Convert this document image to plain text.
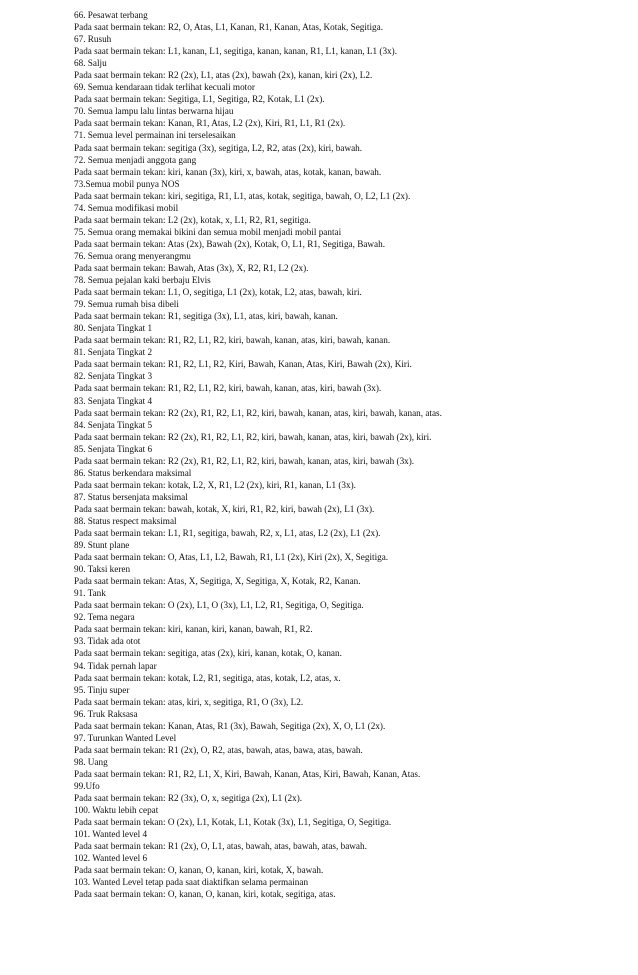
66. Pesawat terbang
Pada saat bermain tekan: R2, O, Atas, L1, Kanan, R1, Kanan, Atas, Kotak, Segitiga.
67. Rusuh
Pada saat bermain tekan: L1, kanan, L1, segitiga, kanan, kanan, R1, L1, kanan, L1 (3x).
68. Salju
Pada saat bermain tekan: R2 (2x), L1, atas (2x), bawah (2x), kanan, kiri (2x), L2.
69. Semua kendaraan tidak terlihat kecuali motor
Pada saat bermain tekan: Segitiga, L1, Segitiga, R2, Kotak, L1 (2x).
70. Semua lampu lalu lintas berwarna hijau
Pada saat bermain tekan: Kanan, R1, Atas, L2 (2x), Kiri, R1, L1, R1 (2x).
71. Semua level permainan ini terselesaikan
Pada saat bermain tekan: segitiga (3x), segitiga, L2, R2, atas (2x), kiri, bawah.
72. Semua menjadi anggota gang
Pada saat bermain tekan: kiri, kanan (3x), kiri, x, bawah, atas, kotak, kanan, bawah.
73.Semua mobil punya NOS
Pada saat bermain tekan: kiri, segitiga, R1, L1, atas, kotak, segitiga, bawah, O, L2, L1 (2x).
74. Semua modifikasi mobil
Pada saat bermain tekan: L2 (2x), kotak, x, L1, R2, R1, segitiga.
75. Semua orang memakai bikini dan semua mobil menjadi mobil pantai
Pada saat bermain tekan: Atas (2x), Bawah (2x), Kotak, O, L1, R1, Segitiga, Bawah.
76. Semua orang menyerangmu
Pada saat bermain tekan: Bawah, Atas (3x), X, R2, R1, L2 (2x).
78. Semua pejalan kaki berbaju Elvis
Pada saat bermain tekan: L1, O, segitiga, L1 (2x), kotak, L2, atas, bawah, kiri.
79. Semua rumah bisa dibeli
Pada saat bermain tekan: R1, segitiga (3x), L1, atas, kiri, bawah, kanan.
80. Senjata Tingkat 1
Pada saat bermain tekan: R1, R2, L1, R2, kiri, bawah, kanan, atas, kiri, bawah, kanan.
81. Senjata Tingkat 2
Pada saat bermain tekan: R1, R2, L1, R2, Kiri, Bawah, Kanan, Atas, Kiri, Bawah (2x), Kiri.
82. Senjata Tingkat 3
Pada saat bermain tekan: R1, R2, L1, R2, kiri, bawah, kanan, atas, kiri, bawah (3x).
83. Senjata Tingkat 4
Pada saat bermain tekan: R2 (2x), R1, R2, L1, R2, kiri, bawah, kanan, atas, kiri, bawah, kanan, atas.
84. Senjata Tingkat 5
Pada saat bermain tekan: R2 (2x), R1, R2, L1, R2, kiri, bawah, kanan, atas, kiri, bawah (2x), kiri.
85. Senjata Tingkat 6
Pada saat bermain tekan: R2 (2x), R1, R2, L1, R2, kiri, bawah, kanan, atas, kiri, bawah (3x).
86. Status berkendara maksimal
Pada saat bermain tekan: kotak, L2, X, R1, L2 (2x), kiri, R1, kanan, L1 (3x).
87. Status bersenjata maksimal
Pada saat bermain tekan: bawah, kotak, X, kiri, R1, R2, kiri, bawah (2x), L1 (3x).
88. Status respect maksimal
Pada saat bermain tekan: L1, R1, segitiga, bawah, R2, x, L1, atas, L2 (2x), L1 (2x).
89. Stunt plane
Pada saat bermain tekan: O, Atas, L1, L2, Bawah, R1, L1 (2x), Kiri (2x), X, Segitiga.
90. Taksi keren
Pada saat bermain tekan: Atas, X, Segitiga, X, Segitiga, X, Kotak, R2, Kanan.
91. Tank
Pada saat bermain tekan: O (2x), L1, O (3x), L1, L2, R1, Segitiga, O, Segitiga.
92. Tema negara
Pada saat bermain tekan: kiri, kanan, kiri, kanan, bawah, R1, R2.
93. Tidak ada otot
Pada saat bermain tekan: segitiga, atas (2x), kiri, kanan, kotak, O, kanan.
94. Tidak pernah lapar
Pada saat bermain tekan: kotak, L2, R1, segitiga, atas, kotak, L2, atas, x.
95. Tinju super
Pada saat bermain tekan: atas, kiri, x, segitiga, R1, O (3x), L2.
96. Truk Raksasa
Pada saat bermain tekan: Kanan, Atas, R1 (3x), Bawah, Segitiga (2x), X, O, L1 (2x).
97. Turunkan Wanted Level
Pada saat bermain tekan: R1 (2x), O, R2, atas, bawah, atas, bawa, atas, bawah.
98. Uang
Pada saat bermain tekan: R1, R2, L1, X, Kiri, Bawah, Kanan, Atas, Kiri, Bawah, Kanan, Atas.
99.Ufo
Pada saat bermain tekan: R2 (3x), O, x, segitiga (2x), L1 (2x).
100. Waktu lebih cepat
Pada saat bermain tekan: O (2x), L1, Kotak, L1, Kotak (3x), L1, Segitiga, O, Segitiga.
101. Wanted level 4
Pada saat bermain tekan: R1 (2x), O, L1, atas, bawah, atas, bawah, atas, bawah.
102. Wanted level 6
Pada saat bermain tekan: O, kanan, O, kanan, kiri, kotak, X, bawah.
103. Wanted Level tetap pada saat diaktifkan selama permainan
Pada saat bermain tekan: O, kanan, O, kanan, kiri, kotak, segitiga, atas.
